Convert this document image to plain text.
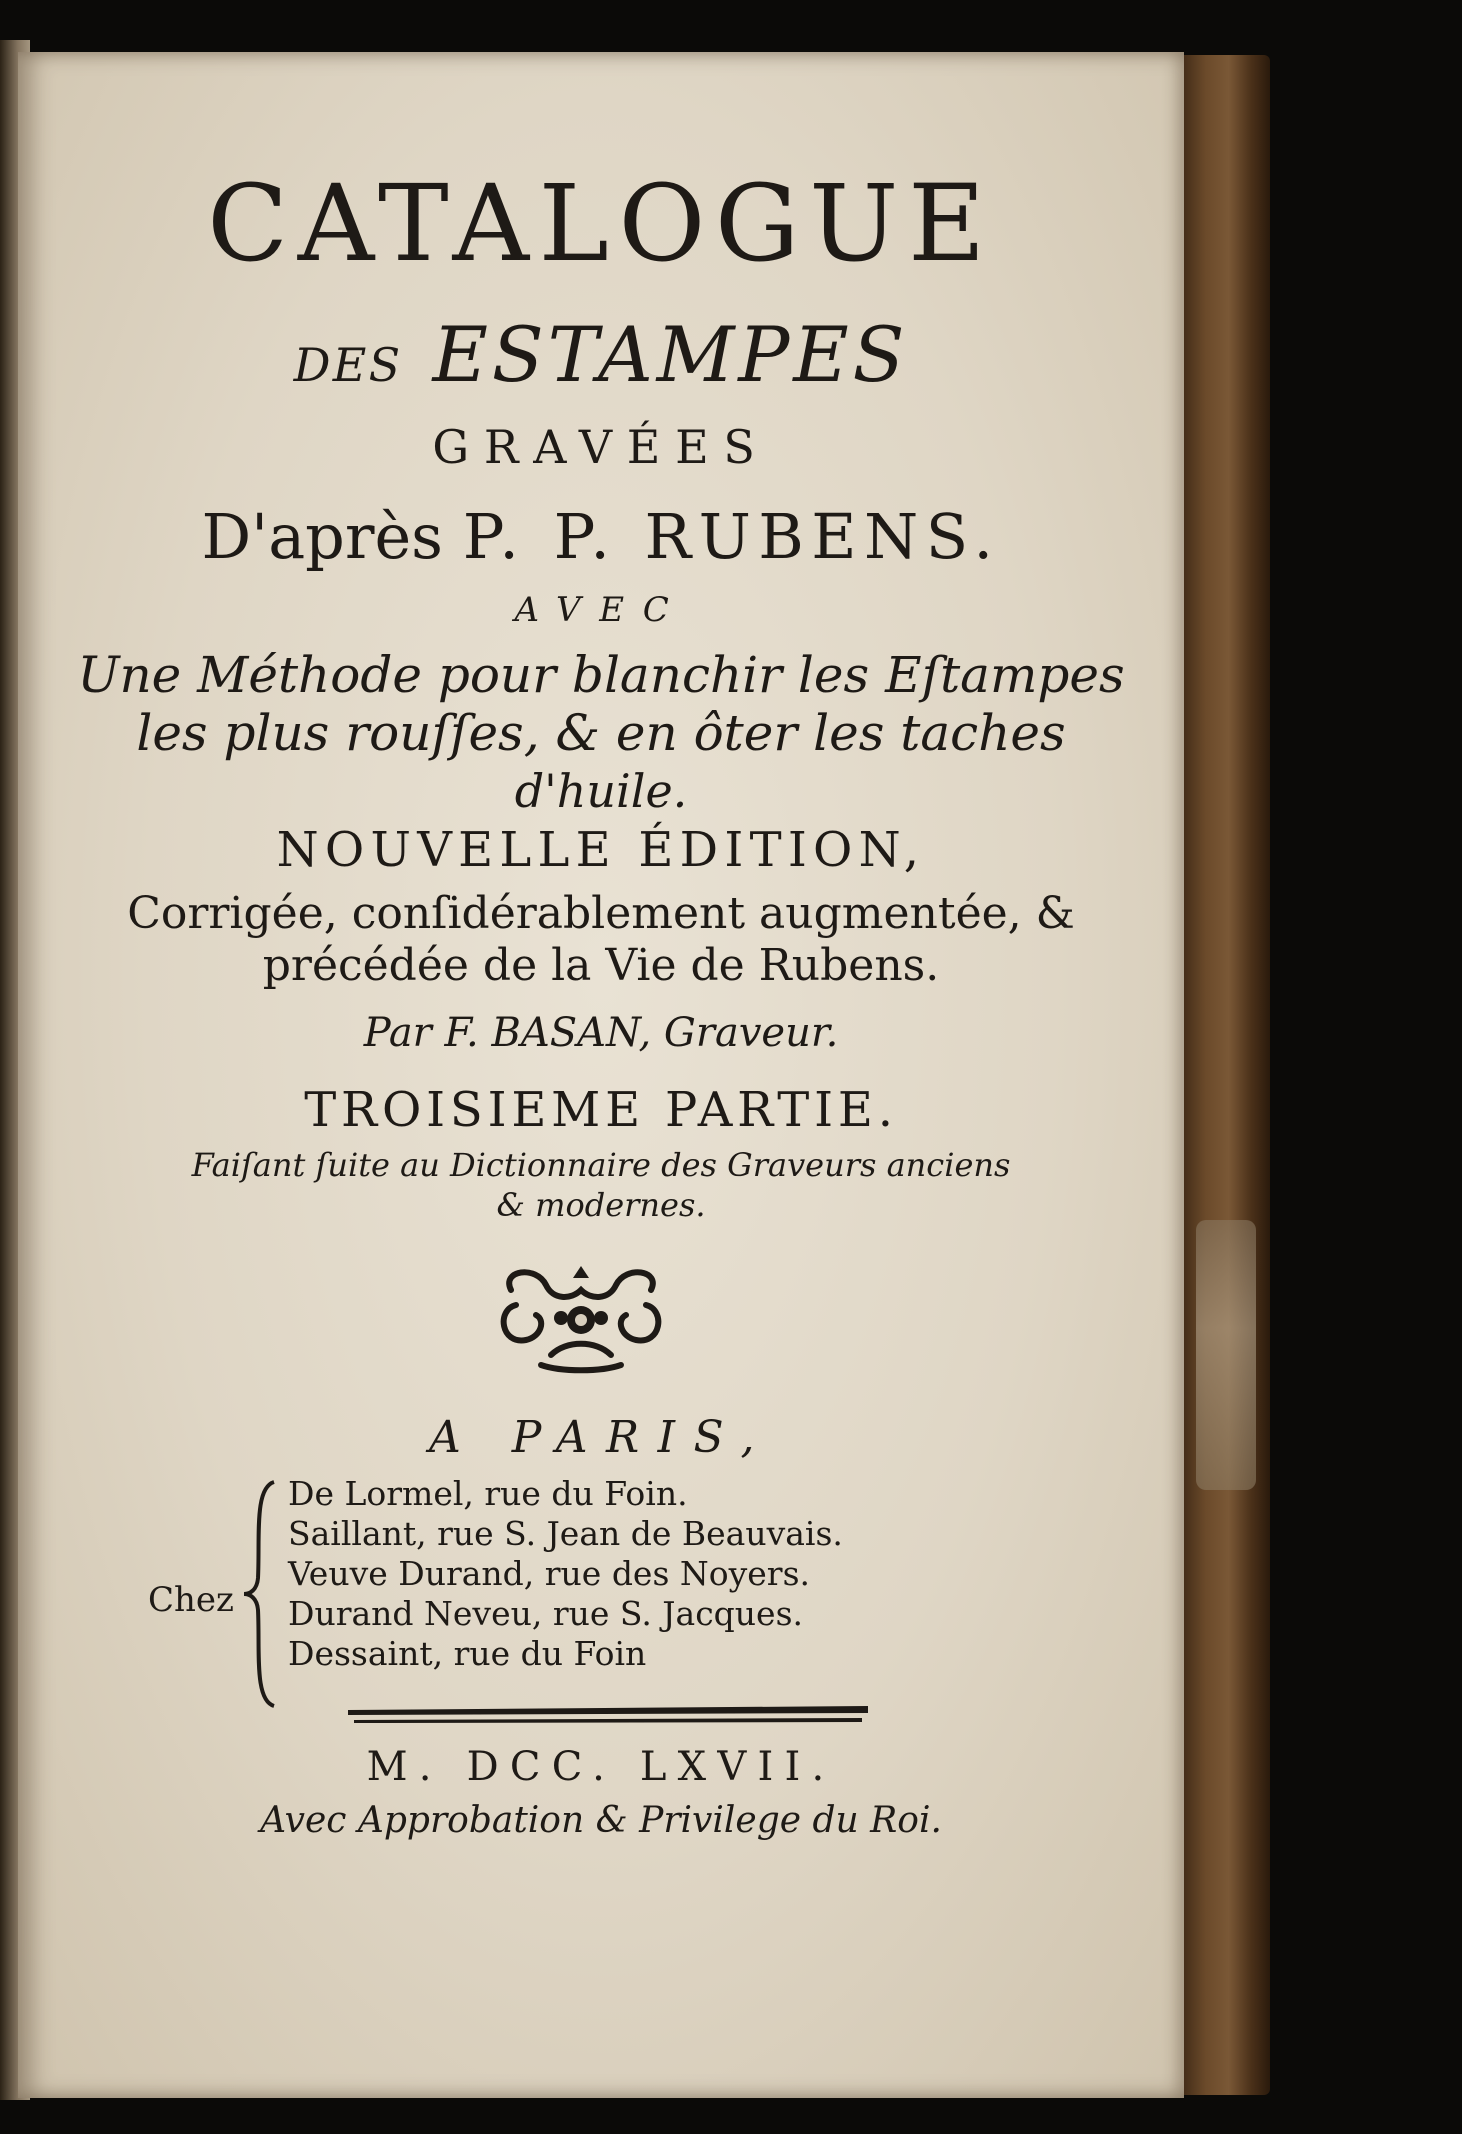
CATALOGUE
DES ESTAMPES
GRAVÉES
D'après P. P. RUBENS.
AVEC
Une Méthode pour blanchir les Eſtampes
les plus rouſſes, & en ôter les taches
d'huile.
NOUVELLE ÉDITION,
Corrigée, conſidérablement augmentée, &
précédée de la Vie de Rubens.
Par F. BASAN, Graveur.
TROISIEME PARTIE.
Faiſant ſuite au Dictionnaire des Graveurs anciens
& modernes.
A PARIS,
Chez
De Lormel, rue du Foin.
Saillant, rue S. Jean de Beauvais.
Veuve Durand, rue des Noyers.
Durand Neveu, rue S. Jacques.
Dessaint, rue du Foin
M. DCC. LXVII.
Avec Approbation & Privilege du Roi.
